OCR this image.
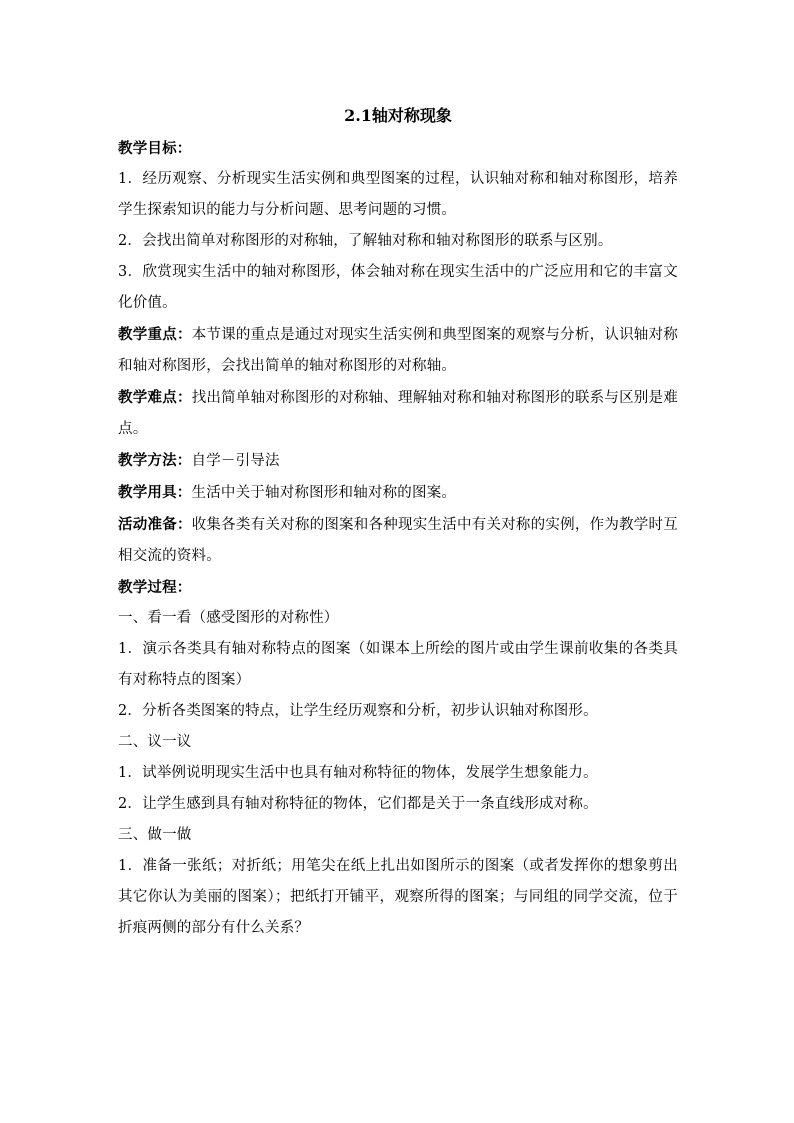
2.1轴对称现象
教学目标：
1．经历观察、分析现实生活实例和典型图案的过程，认识轴对称和轴对称图形，培养学生探索知识的能力与分析问题、思考问题的习惯。
2．会找出简单对称图形的对称轴，了解轴对称和轴对称图形的联系与区别。
3．欣赏现实生活中的轴对称图形，体会轴对称在现实生活中的广泛应用和它的丰富文化价值。
教学重点：本节课的重点是通过对现实生活实例和典型图案的观察与分析，认识轴对称和轴对称图形，会找出简单的轴对称图形的对称轴。
教学难点：找出简单轴对称图形的对称轴、理解轴对称和轴对称图形的联系与区别是难点。
教学方法：自学－引导法
教学用具：生活中关于轴对称图形和轴对称的图案。
活动准备：收集各类有关对称的图案和各种现实生活中有关对称的实例，作为教学时互相交流的资料。
教学过程：
一、看一看（感受图形的对称性）
1．演示各类具有轴对称特点的图案（如课本上所绘的图片或由学生课前收集的各类具有对称特点的图案）
2．分析各类图案的特点，让学生经历观察和分析，初步认识轴对称图形。
二、议一议
1．试举例说明现实生活中也具有轴对称特征的物体，发展学生想象能力。
2．让学生感到具有轴对称特征的物体，它们都是关于一条直线形成对称。
三、做一做
1．准备一张纸；对折纸；用笔尖在纸上扎出如图所示的图案（或者发挥你的想象剪出其它你认为美丽的图案）；把纸打开铺平，观察所得的图案；与同组的同学交流，位于折痕两侧的部分有什么关系？
